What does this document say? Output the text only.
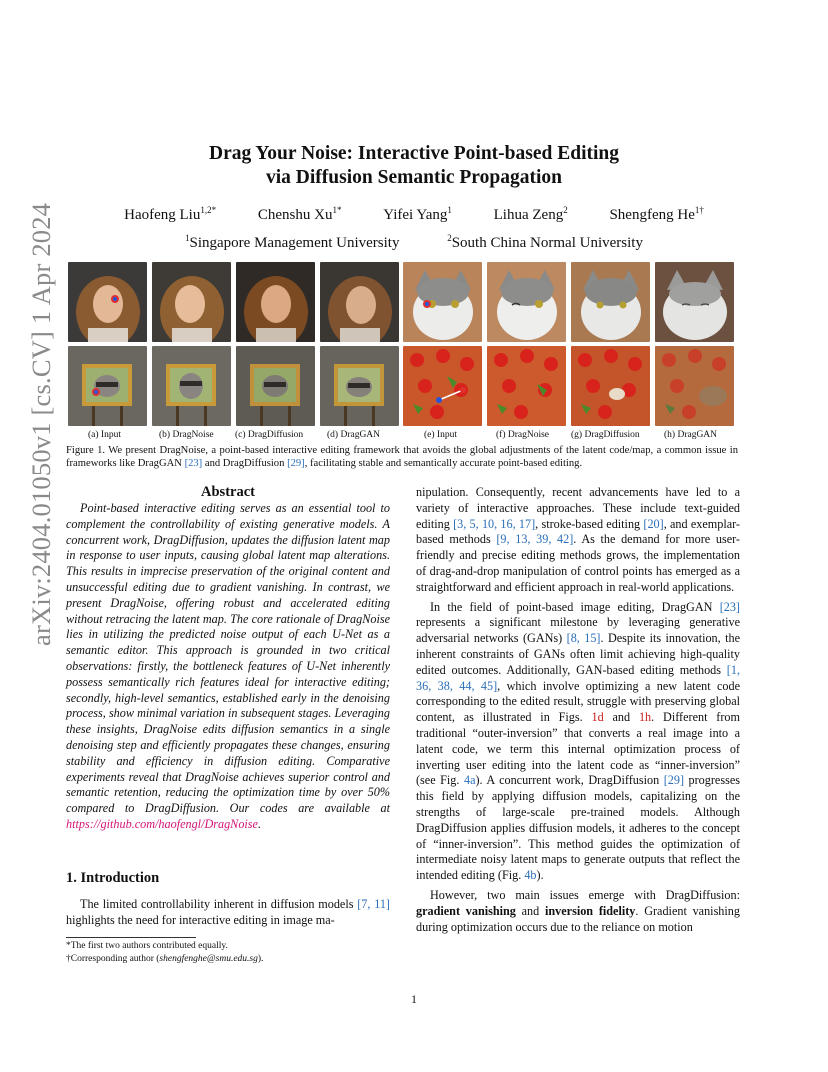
arXiv:2404.01050v1 [cs.CV] 1 Apr 2024
Drag Your Noise: Interactive Point-based Editing
via Diffusion Semantic Propagation
Haofeng Liu$^{1,2*}$	Chenshu $Xu^{1*}$	Yifei Yang$^1$	Lihua Zeng$^2$	Shengfeng $He^{1\dagger}$
$^1$Singapore Management University	$^2$South China Normal University
(a) Input	(b) DragNoise (c) DragDiffusion	(d) DragGAN	(e) Input	(f) DragNoise (g) DragDiffusion	(h) DragGAN
Figure 1. We present DragNoise, a point-based interactive editing framework that avoids the global adjustments of the latent code/map, a common issue in frameworks like DragGAN [23] and DragDiffusion [29], facilitating stable and semantically accurate point-based editing.
Abstract

Point-based interactive editing serves as an essential tool to complement the controllability of existing generative models. A concurrent work, DragDiffusion, updates the diffusion latent map in response to user inputs, causing global latent map alterations. This results in imprecise preservation of the original content and unsuccessful editing due to gradient vanishing. In contrast, we present DragNoise, offering robust and accelerated editing without retracing the latent map. The core rationale of DragNoise lies in utilizing the predicted noise output of each U-Net as a semantic editor. This approach is grounded in two critical observations: firstly, the bottleneck features of U-Net inherently possess semantically rich features ideal for interactive editing; secondly, high-level semantics, established early in the denoising process, show minimal variation in subsequent stages. Leveraging these insights, DragNoise edits diffusion semantics in a single denoising step and efficiently propagates these changes, ensuring stability and efficiency in diffusion editing. Comparative experiments reveal that DragNoise achieves superior control and semantic retention, reducing the optimization time by over 50% compared to DragDiffusion. Our codes are available at https://github.com/haofengl/DragNoise.

1. Introduction

The limited controllability inherent in diffusion models [7, 11] highlights the need for interactive editing in image ma-

*The first two authors contributed equally.
†Corresponding author (shengfenghe@smu.edu.sg).

nipulation. Consequently, recent advancements have led to a variety of interactive approaches. These include text-guided editing [3, 5, 10, 16, 17], stroke-based editing [20], and exemplar-based methods [9, 13, 39, 42]. As the demand for more user-friendly and precise editing methods grows, the implementation of drag-and-drop manipulation of control points has emerged as a straightforward and efficient approach in real-world applications.

In the field of point-based image editing, DragGAN [23] represents a significant milestone by leveraging generative adversarial networks (GANs) [8, 15]. Despite its innovation, the inherent constraints of GANs often limit achieving high-quality edited outcomes. Additionally, GAN-based editing methods [1, 36, 38, 44, 45], which involve optimizing a new latent code corresponding to the edited result, struggle with preserving global content, as illustrated in Figs. 1d and 1h. Different from traditional “outer-inversion” that converts a real image into a latent code, we term this internal optimization process of inverting user editing into the latent code as “inner-inversion” (see Fig. 4a). A concurrent work, DragDiffusion [29] progresses this field by applying diffusion models, capitalizing on the strengths of large-scale pre-trained models. Although DragDiffusion applies diffusion models, it adheres to the concept of “inner-inversion”. This method guides the optimization of intermediate noisy latent maps to generate outputs that reflect the intended editing (Fig. 4b).

However, two main issues emerge with DragDiffusion: gradient vanishing and inversion fidelity. Gradient vanishing during optimization occurs due to the reliance on motion

1
